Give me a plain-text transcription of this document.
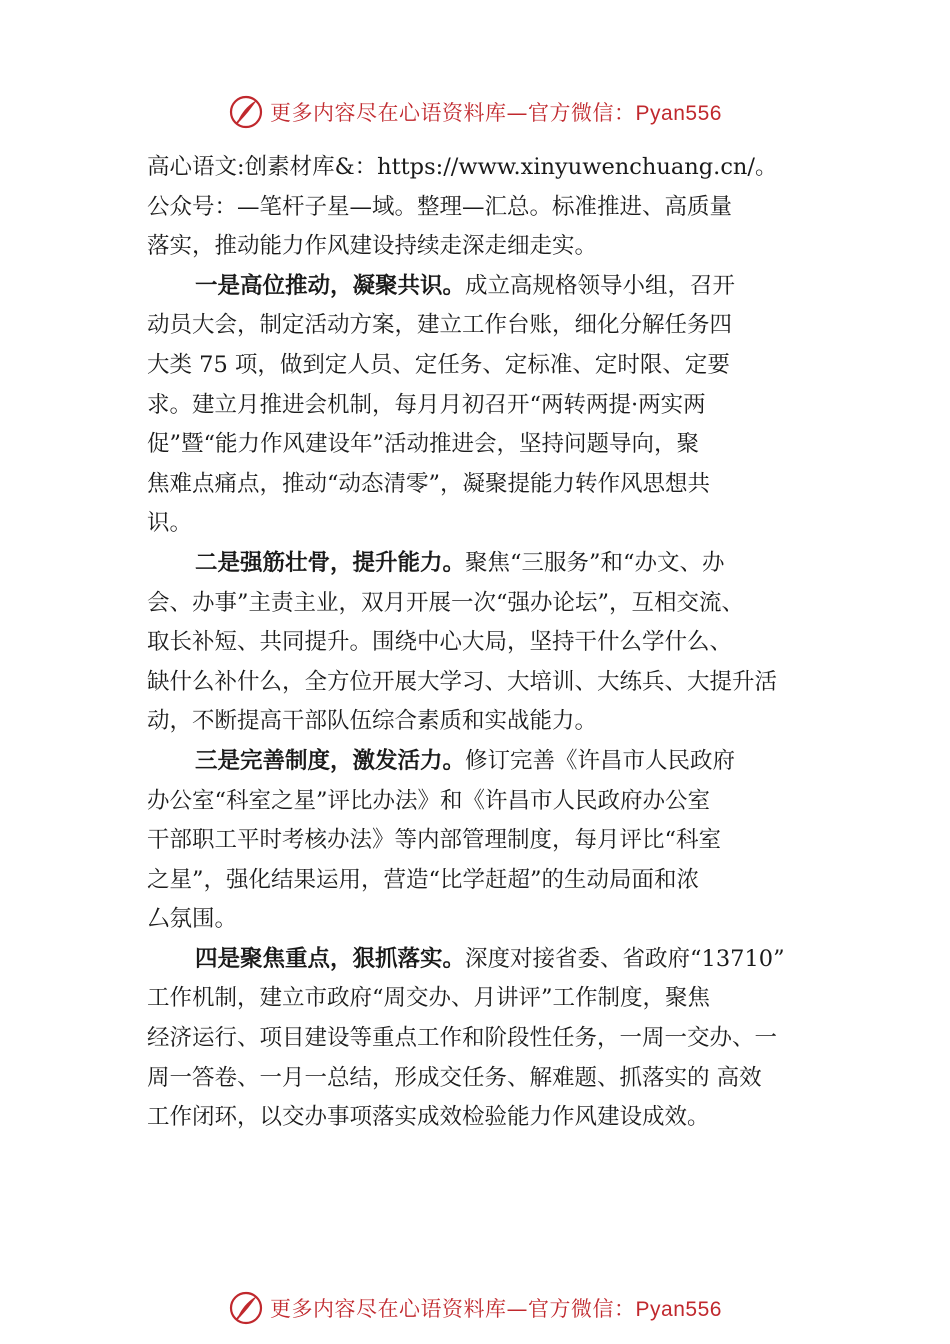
更多内容尽在心语资料库—官方微信：Pyan556
高心语文:创素材库&：https://www.xinyuwenchuang.cn/。
公众号：—笔杆子星—域。整理—汇总。标准推进、高质量
落实，推动能力作风建设持续走深走细走实。
一是高位推动，凝聚共识。成立高规格领导小组，召开
动员大会，制定活动方案，建立工作台账，细化分解任务四
大类 75 项，做到定人员、定任务、定标准、定时限、定要
求。建立月推进会机制，每月月初召开“两转两提·两实两
促”暨“能力作风建设年”活动推进会，坚持问题导向，聚
焦难点痛点，推动“动态清零”，凝聚提能力转作风思想共
识。
二是强筋壮骨，提升能力。聚焦“三服务”和“办文、办
会、办事”主责主业，双月开展一次“强办论坛”，互相交流、
取长补短、共同提升。围绕中心大局，坚持干什么学什么、
缺什么补什么，全方位开展大学习、大培训、大练兵、大提升活
动，不断提高干部队伍综合素质和实战能力。
三是完善制度，激发活力。修订完善《许昌市人民政府
办公室“科室之星”评比办法》和《许昌市人民政府办公室
干部职工平时考核办法》等内部管理制度，每月评比“科室
之星”，强化结果运用，营造“比学赶超”的生动局面和浓
厶氛围。
四是聚焦重点，狠抓落实。深度对接省委、省政府“13710”
工作机制，建立市政府“周交办、月讲评”工作制度，聚焦
经济运行、项目建设等重点工作和阶段性任务，一周一交办、一
周一答卷、一月一总结，形成交任务、解难题、抓落实的 高效
工作闭环，以交办事项落实成效检验能力作风建设成效。
更多内容尽在心语资料库—官方微信：Pyan556
